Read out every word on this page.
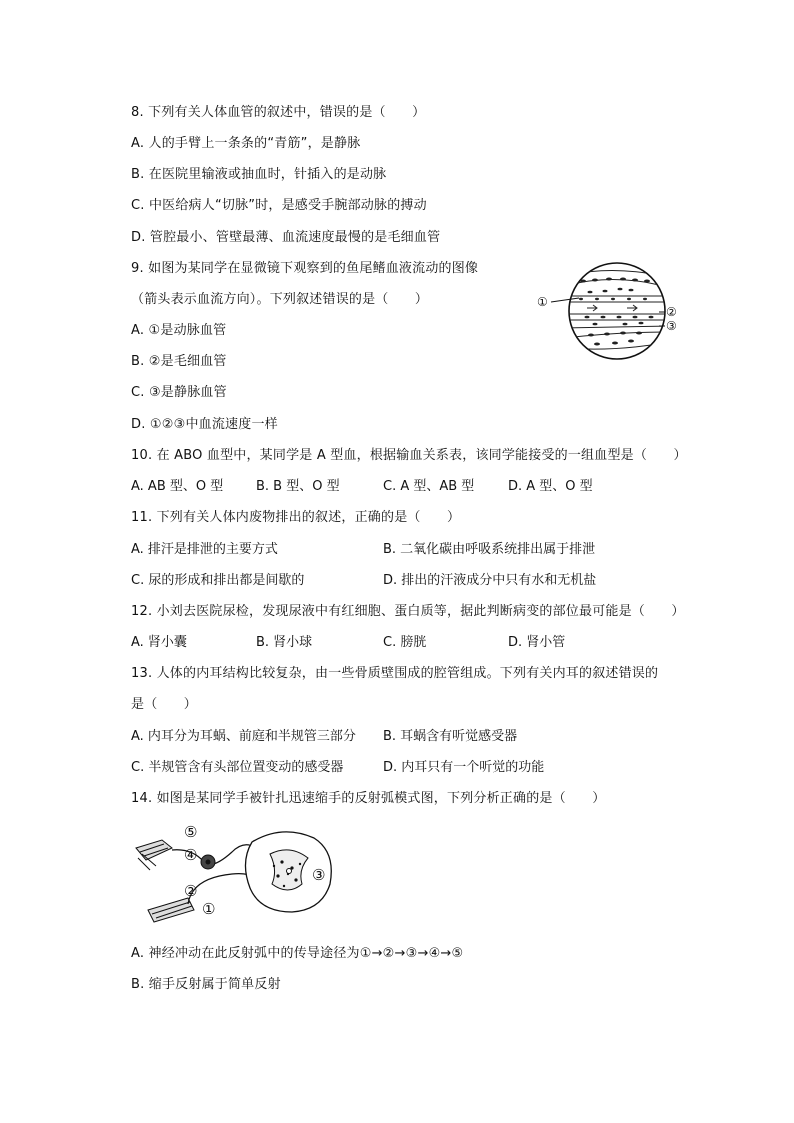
8. 下列有关人体血管的叙述中，错误的是（　　）
A. 人的手臂上一条条的“青筋”，是静脉
B. 在医院里输液或抽血时，针插入的是动脉
C. 中医给病人“切脉”时，是感受手腕部动脉的搏动
D. 管腔最小、管壁最薄、血流速度最慢的是毛细血管
9. 如图为某同学在显微镜下观察到的鱼尾鳍血液流动的图像
（箭头表示血流方向）。下列叙述错误的是（　　）
A. ①是动脉血管
B. ②是毛细血管
C. ③是静脉血管
D. ①②③中血流速度一样
①
②
③
10. 在 ABO 血型中，某同学是 A 型血，根据输血关系表，该同学能接受的一组血型是（　　）
A. AB 型、O 型	B. B 型、O 型	C. A 型、AB 型	D. A 型、O 型
11. 下列有关人体内废物排出的叙述，正确的是（　　）
A. 排汗是排泄的主要方式	B. 二氧化碳由呼吸系统排出属于排泄
C. 尿的形成和排出都是间歇的	D. 排出的汗液成分中只有水和无机盐
12. 小刘去医院尿检，发现尿液中有红细胞、蛋白质等，据此判断病变的部位最可能是（　　）
A. 肾小囊	B. 肾小球	C. 膀胱	D. 肾小管
13. 人体的内耳结构比较复杂，由一些骨质壁围成的腔管组成。下列有关内耳的叙述错误的
是（　　）
A. 内耳分为耳蜗、前庭和半规管三部分 B. 耳蜗含有听觉感受器
C. 半规管含有头部位置变动的感受器	D. 内耳只有一个听觉的功能
14. 如图是某同学手被针扎迅速缩手的反射弧模式图，下列分析正确的是（　　）
⑤
④
③
②
①
A. 神经冲动在此反射弧中的传导途径为①→②→③→④→⑤
B. 缩手反射属于简单反射
